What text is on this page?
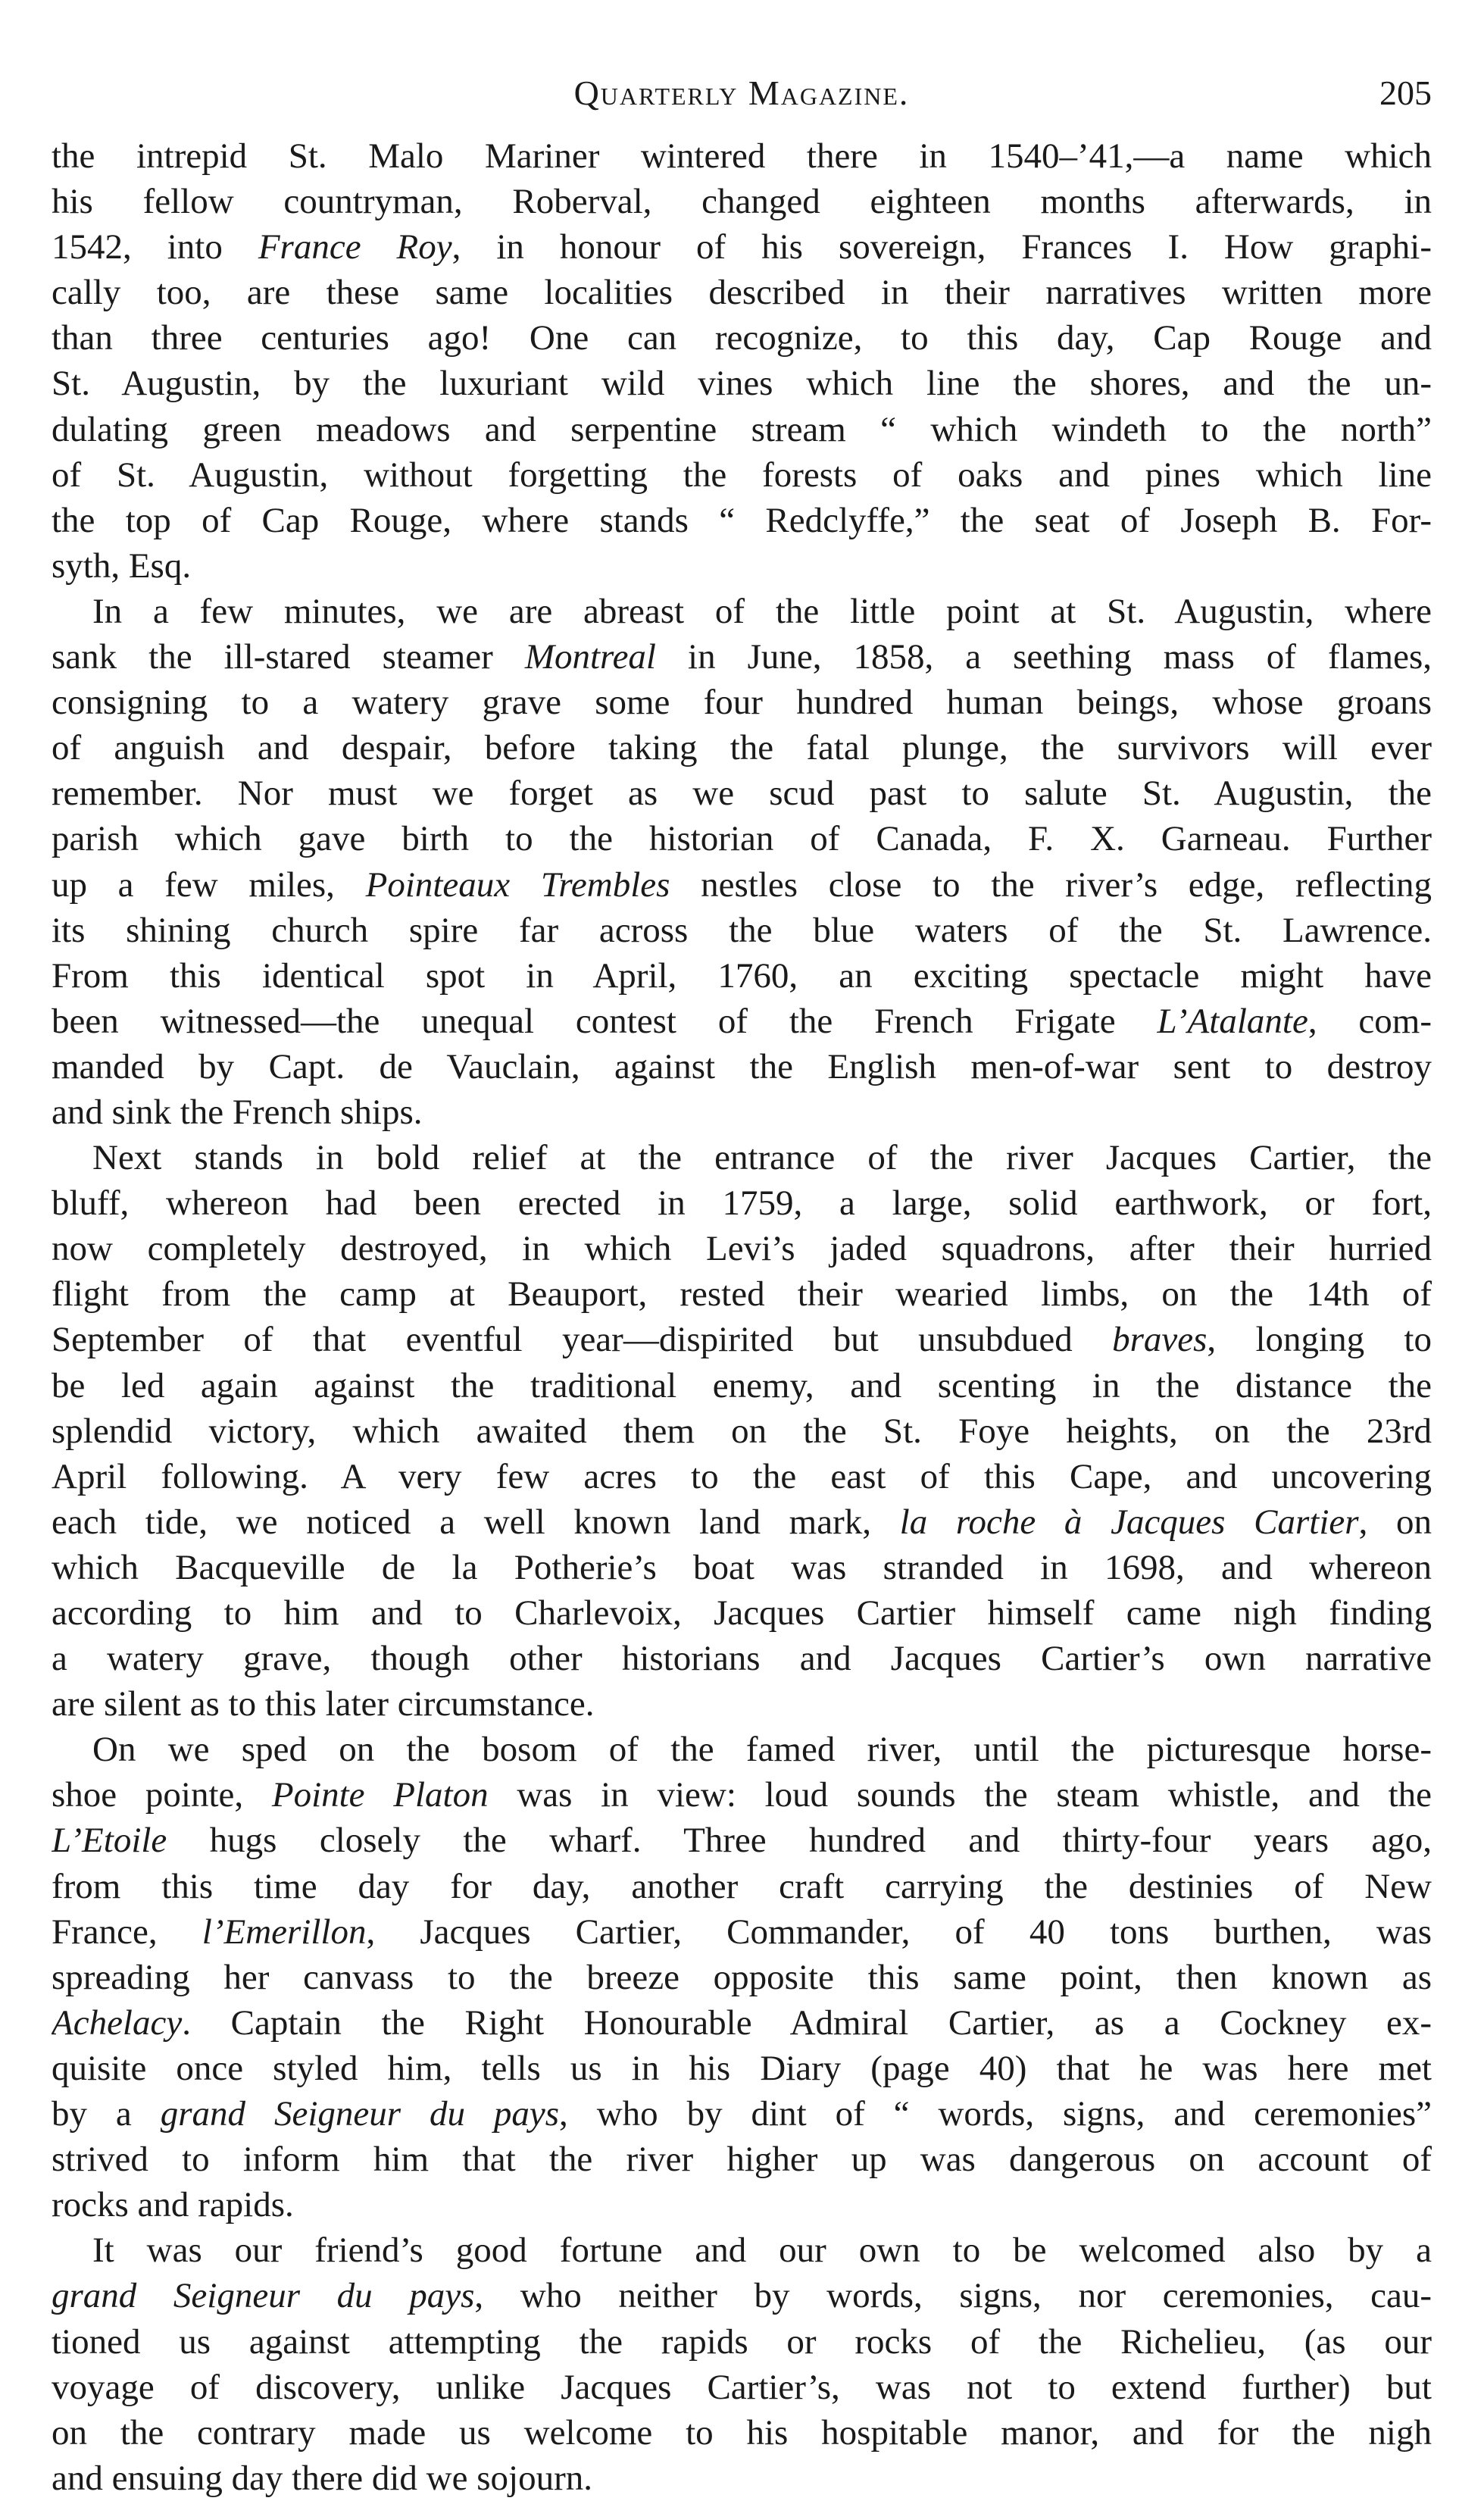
Quarterly Magazine.	205
the intrepid St. Malo Mariner wintered there in 1540–’41,—a name which
his fellow countryman, Roberval, changed eighteen months afterwards, in
1542, into France Roy, in honour of his sovereign, Frances I. How graphi-
cally too, are these same localities described in their narratives written more
than three centuries ago! One can recognize, to this day, Cap Rouge and
St. Augustin, by the luxuriant wild vines which line the shores, and the un-
dulating green meadows and serpentine stream “ which windeth to the north”
of St. Augustin, without forgetting the forests of oaks and pines which line
the top of Cap Rouge, where stands “ Redclyffe,” the seat of Joseph B. For-
syth, Esq.
In a few minutes, we are abreast of the little point at St. Augustin, where
sank the ill-stared steamer Montreal in June, 1858, a seething mass of flames,
consigning to a watery grave some four hundred human beings, whose groans
of anguish and despair, before taking the fatal plunge, the survivors will ever
remember. Nor must we forget as we scud past to salute St. Augustin, the
parish which gave birth to the historian of Canada, F. X. Garneau. Further
up a few miles, Pointeaux Trembles nestles close to the river’s edge, reflecting
its shining church spire far across the blue waters of the St. Lawrence.
From this identical spot in April, 1760, an exciting spectacle might have
been witnessed—the unequal contest of the French Frigate L’Atalante, com-
manded by Capt. de Vauclain, against the English men-of-war sent to destroy
and sink the French ships.
Next stands in bold relief at the entrance of the river Jacques Cartier, the
bluff, whereon had been erected in 1759, a large, solid earthwork, or fort,
now completely destroyed, in which Levi’s jaded squadrons, after their hurried
flight from the camp at Beauport, rested their wearied limbs, on the 14th of
September of that eventful year—dispirited but unsubdued braves, longing to
be led again against the traditional enemy, and scenting in the distance the
splendid victory, which awaited them on the St. Foye heights, on the 23rd
April following. A very few acres to the east of this Cape, and uncovering
each tide, we noticed a well known land mark, la roche à Jacques Cartier, on
which Bacqueville de la Potherie’s boat was stranded in 1698, and whereon
according to him and to Charlevoix, Jacques Cartier himself came nigh finding
a watery grave, though other historians and Jacques Cartier’s own narrative
are silent as to this later circumstance.
On we sped on the bosom of the famed river, until the picturesque horse-
shoe pointe, Pointe Platon was in view: loud sounds the steam whistle, and the
L’Etoile hugs closely the wharf. Three hundred and thirty-four years ago,
from this time day for day, another craft carrying the destinies of New
France, l’Emerillon, Jacques Cartier, Commander, of 40 tons burthen, was
spreading her canvass to the breeze opposite this same point, then known as
Achelacy. Captain the Right Honourable Admiral Cartier, as a Cockney ex-
quisite once styled him, tells us in his Diary (page 40) that he was here met
by a grand Seigneur du pays, who by dint of “ words, signs, and ceremonies”
strived to inform him that the river higher up was dangerous on account of
rocks and rapids.
It was our friend’s good fortune and our own to be welcomed also by a
grand Seigneur du pays, who neither by words, signs, nor ceremonies, cau-
tioned us against attempting the rapids or rocks of the Richelieu, (as our
voyage of discovery, unlike Jacques Cartier’s, was not to extend further) but
on the contrary made us welcome to his hospitable manor, and for the nigh
and ensuing day there did we sojourn.
